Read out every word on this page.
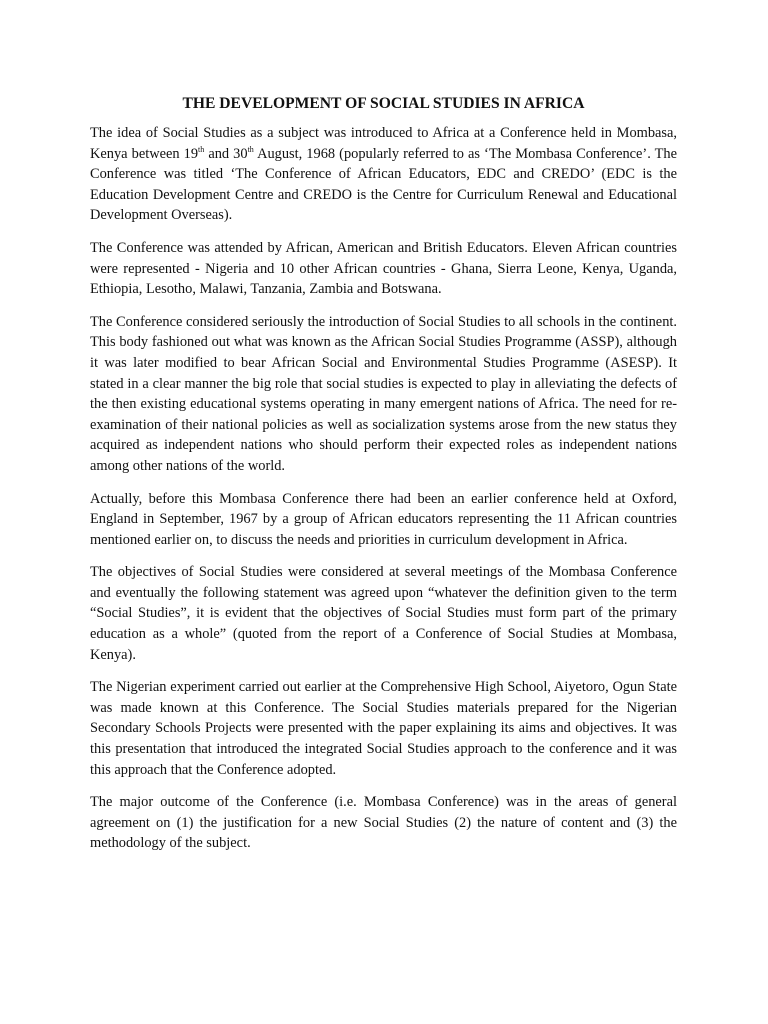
THE DEVELOPMENT OF SOCIAL STUDIES IN AFRICA

The idea of Social Studies as a subject was introduced to Africa at a Conference held in Mombasa, Kenya between 19th and 30th August, 1968 (popularly referred to as ‘The Mombasa Conference’. The Conference was titled ‘The Conference of African Educators, EDC and CREDO’ (EDC is the Education Development Centre and CREDO is the Centre for Curriculum Renewal and Educational Development Overseas).

The Conference was attended by African, American and British Educators. Eleven African countries were represented - Nigeria and 10 other African countries - Ghana, Sierra Leone, Kenya, Uganda, Ethiopia, Lesotho, Malawi, Tanzania, Zambia and Botswana.

The Conference considered seriously the introduction of Social Studies to all schools in the continent. This body fashioned out what was known as the African Social Studies Programme (ASSP), although it was later modified to bear African Social and Environmental Studies Programme (ASESP). It stated in a clear manner the big role that social studies is expected to play in alleviating the defects of the then existing educational systems operating in many emergent nations of Africa. The need for re-examination of their national policies as well as socialization systems arose from the new status they acquired as independent nations who should perform their expected roles as independent nations among other nations of the world.

Actually, before this Mombasa Conference there had been an earlier conference held at Oxford, England in September, 1967 by a group of African educators representing the 11 African countries mentioned earlier on, to discuss the needs and priorities in curriculum development in Africa.

The objectives of Social Studies were considered at several meetings of the Mombasa Conference and eventually the following statement was agreed upon “whatever the definition given to the term “Social Studies”, it is evident that the objectives of Social Studies must form part of the primary education as a whole” (quoted from the report of a Conference of Social Studies at Mombasa, Kenya).

The Nigerian experiment carried out earlier at the Comprehensive High School, Aiyetoro, Ogun State was made known at this Conference. The Social Studies materials prepared for the Nigerian Secondary Schools Projects were presented with the paper explaining its aims and objectives. It was this presentation that introduced the integrated Social Studies approach to the conference and it was this approach that the Conference adopted.

The major outcome of the Conference (i.e. Mombasa Conference) was in the areas of general agreement on (1) the justification for a new Social Studies (2) the nature of content and (3) the methodology of the subject.
